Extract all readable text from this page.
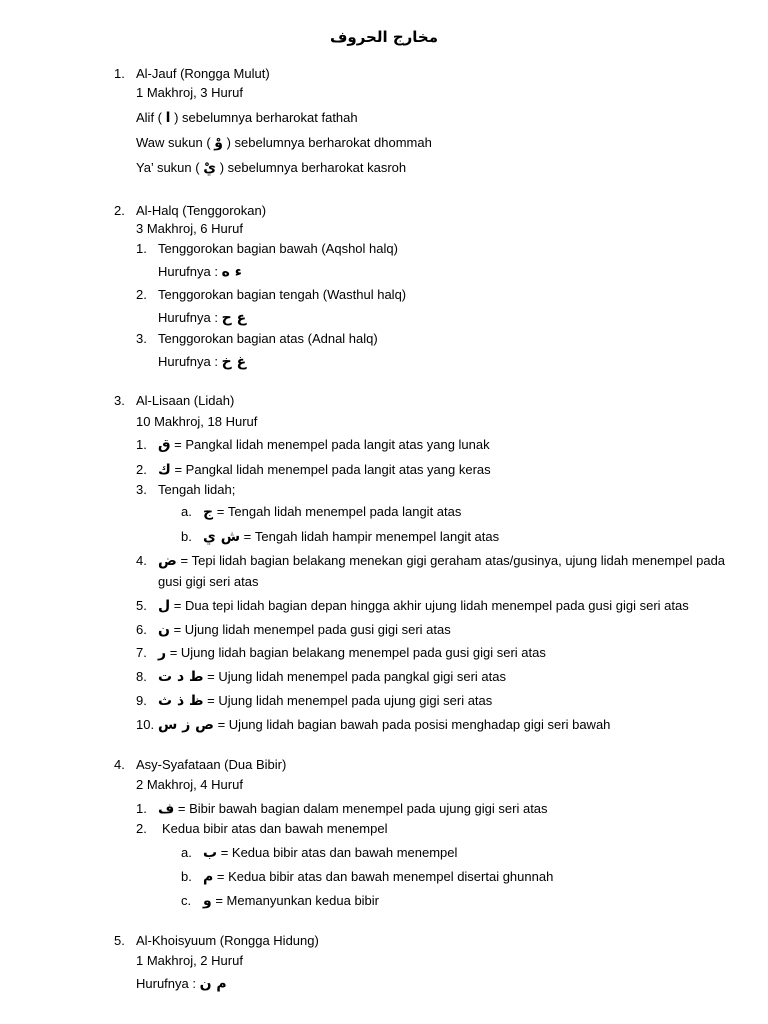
مخارج الحروف
1. Al-Jauf (Rongga Mulut)
1 Makhroj, 3 Huruf
Alif ( ا ) sebelumnya berharokat fathah
Waw sukun ( وْ ) sebelumnya berharokat dhommah
Ya’ sukun ( يْ ) sebelumnya berharokat kasroh
2. Al-Halq (Tenggorokan)
3 Makhroj, 6 Huruf
1. Tenggorokan bagian bawah (Aqshol halq)
Hurufnya : ء ه
2. Tenggorokan bagian tengah (Wasthul halq)
Hurufnya : ع ح
3. Tenggorokan bagian atas (Adnal halq)
Hurufnya : غ خ
3. Al-Lisaan (Lidah)
10 Makhroj, 18 Huruf
1. ق = Pangkal lidah menempel pada langit atas yang lunak
2. ك = Pangkal lidah menempel pada langit atas yang keras
3. Tengah lidah;
a. ج = Tengah lidah menempel pada langit atas
b. ش ي = Tengah lidah hampir menempel langit atas
4. ض = Tepi lidah bagian belakang menekan gigi geraham atas/gusinya, ujung lidah menempel pada
gusi gigi seri atas
5. ل = Dua tepi lidah bagian depan hingga akhir ujung lidah menempel pada gusi gigi seri atas
6. ن = Ujung lidah menempel pada gusi gigi seri atas
7. ر = Ujung lidah bagian belakang menempel pada gusi gigi seri atas
8. ط د ت = Ujung lidah menempel pada pangkal gigi seri atas
9. ظ ذ ث = Ujung lidah menempel pada ujung gigi seri atas
10. ص ز س = Ujung lidah bagian bawah pada posisi menghadap gigi seri bawah
4. Asy-Syafataan (Dua Bibir)
2 Makhroj, 4 Huruf
1. ف = Bibir bawah bagian dalam menempel pada ujung gigi seri atas
2. Kedua bibir atas dan bawah menempel
a. ب = Kedua bibir atas dan bawah menempel
b. م = Kedua bibir atas dan bawah menempel disertai ghunnah
c. و = Memanyunkan kedua bibir
5. Al-Khoisyuum (Rongga Hidung)
1 Makhroj, 2 Huruf
Hurufnya : م ن
